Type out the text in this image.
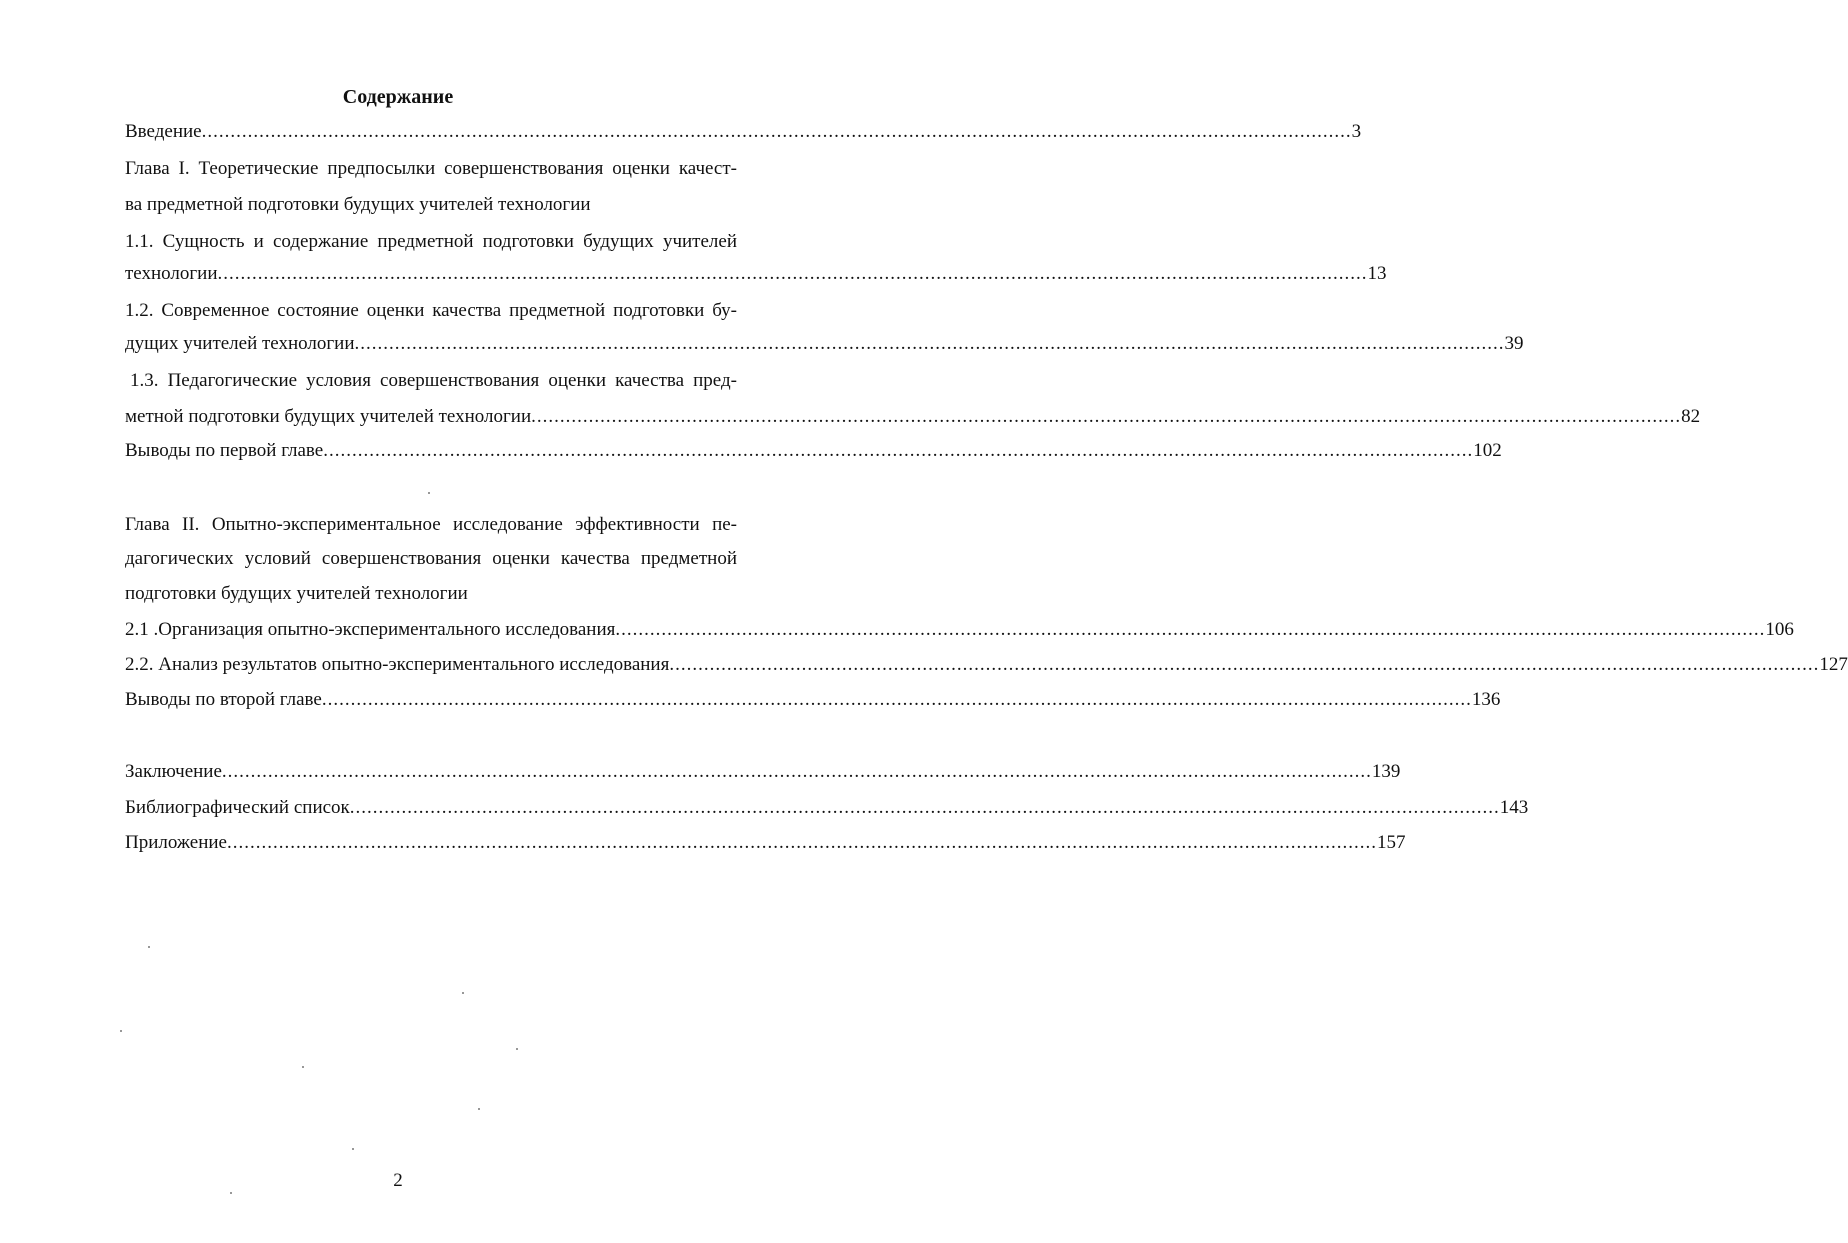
Содержание
Введение ........................................................................................................................................................................................................ 3
Глава I. Теоретические предпосылки совершенствования оценки качест-
ва предметной подготовки будущих учителей технологии
1.1. Сущность и содержание предметной подготовки будущих учителей
технологии ........................................................................................................................................................................................................ 13
1.2. Современное состояние оценки качества предметной подготовки бу-
дущих учителей технологии ........................................................................................................................................................................................................ 39
1.3. Педагогические условия совершенствования оценки качества пред-
метной подготовки будущих учителей технологии ........................................................................................................................................................................................................ 82
Выводы по первой главе ........................................................................................................................................................................................................ 102
Глава II. Опытно-экспериментальное исследование эффективности пе-
дагогических условий совершенствования оценки качества предметной
подготовки будущих учителей технологии
2.1 .Организация опытно-экспериментального исследования ........................................................................................................................................................................................................ 106
2.2. Анализ результатов опытно-экспериментального исследования ........................................................................................................................................................................................................ 127
Выводы по второй главе ........................................................................................................................................................................................................ 136
Заключение ........................................................................................................................................................................................................ 139
Библиографический список ........................................................................................................................................................................................................ 143
Приложение ........................................................................................................................................................................................................ 157
2
